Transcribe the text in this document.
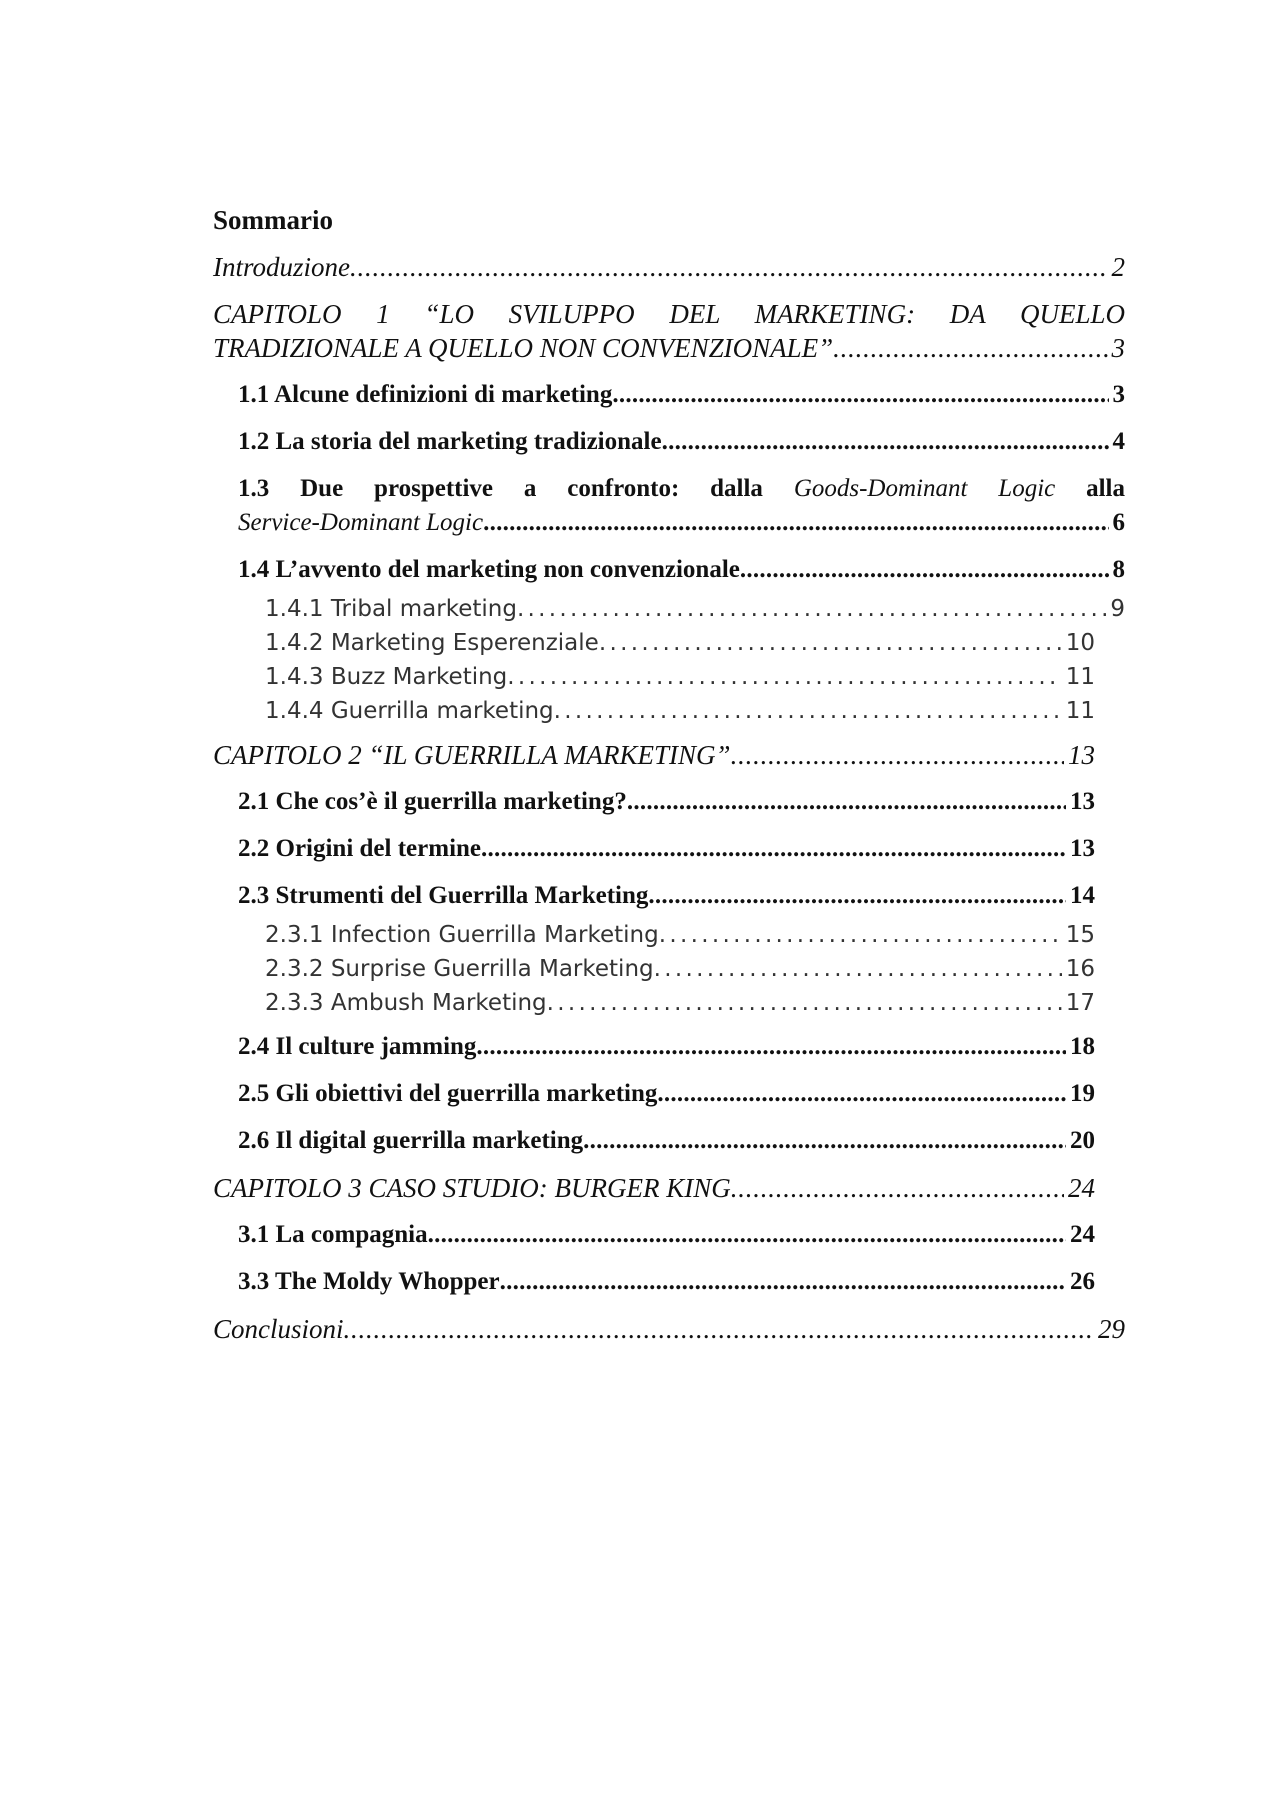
Sommario
Introduzione . . .	2
CAPITOLO 1 “LO SVILUPPO DEL MARKETING: DA QUELLO
TRADIZIONALE A QUELLO NON CONVENZIONALE” . . .	3
1.1 Alcune definizioni di marketing . . .	3
1.2 La storia del marketing tradizionale . . .	4
1.3 Due prospettive a confronto: dalla Goods-Dominant Logic alla
Service-Dominant Logic . . .	6
1.4 L’avvento del marketing non convenzionale . . .	8
1.4.1 Tribal marketing . . .	9
1.4.2 Marketing Esperenziale . . .	10
1.4.3 Buzz Marketing . . .	11
1.4.4 Guerrilla marketing . . .	11
CAPITOLO 2 “IL GUERRILLA MARKETING” . . .	13
2.1 Che cos’è il guerrilla marketing? . . .	13
2.2 Origini del termine . . .	13
2.3 Strumenti del Guerrilla Marketing . . .	14
2.3.1 Infection Guerrilla Marketing . . .	15
2.3.2 Surprise Guerrilla Marketing . . .	16
2.3.3 Ambush Marketing . . .	17
2.4 Il culture jamming . . .	18
2.5 Gli obiettivi del guerrilla marketing . . .	19
2.6 Il digital guerrilla marketing . . .	20
CAPITOLO 3 CASO STUDIO: BURGER KING . . .	24
3.1 La compagnia . . .	24
3.3 The Moldy Whopper . . .	26
Conclusioni . . .	29
